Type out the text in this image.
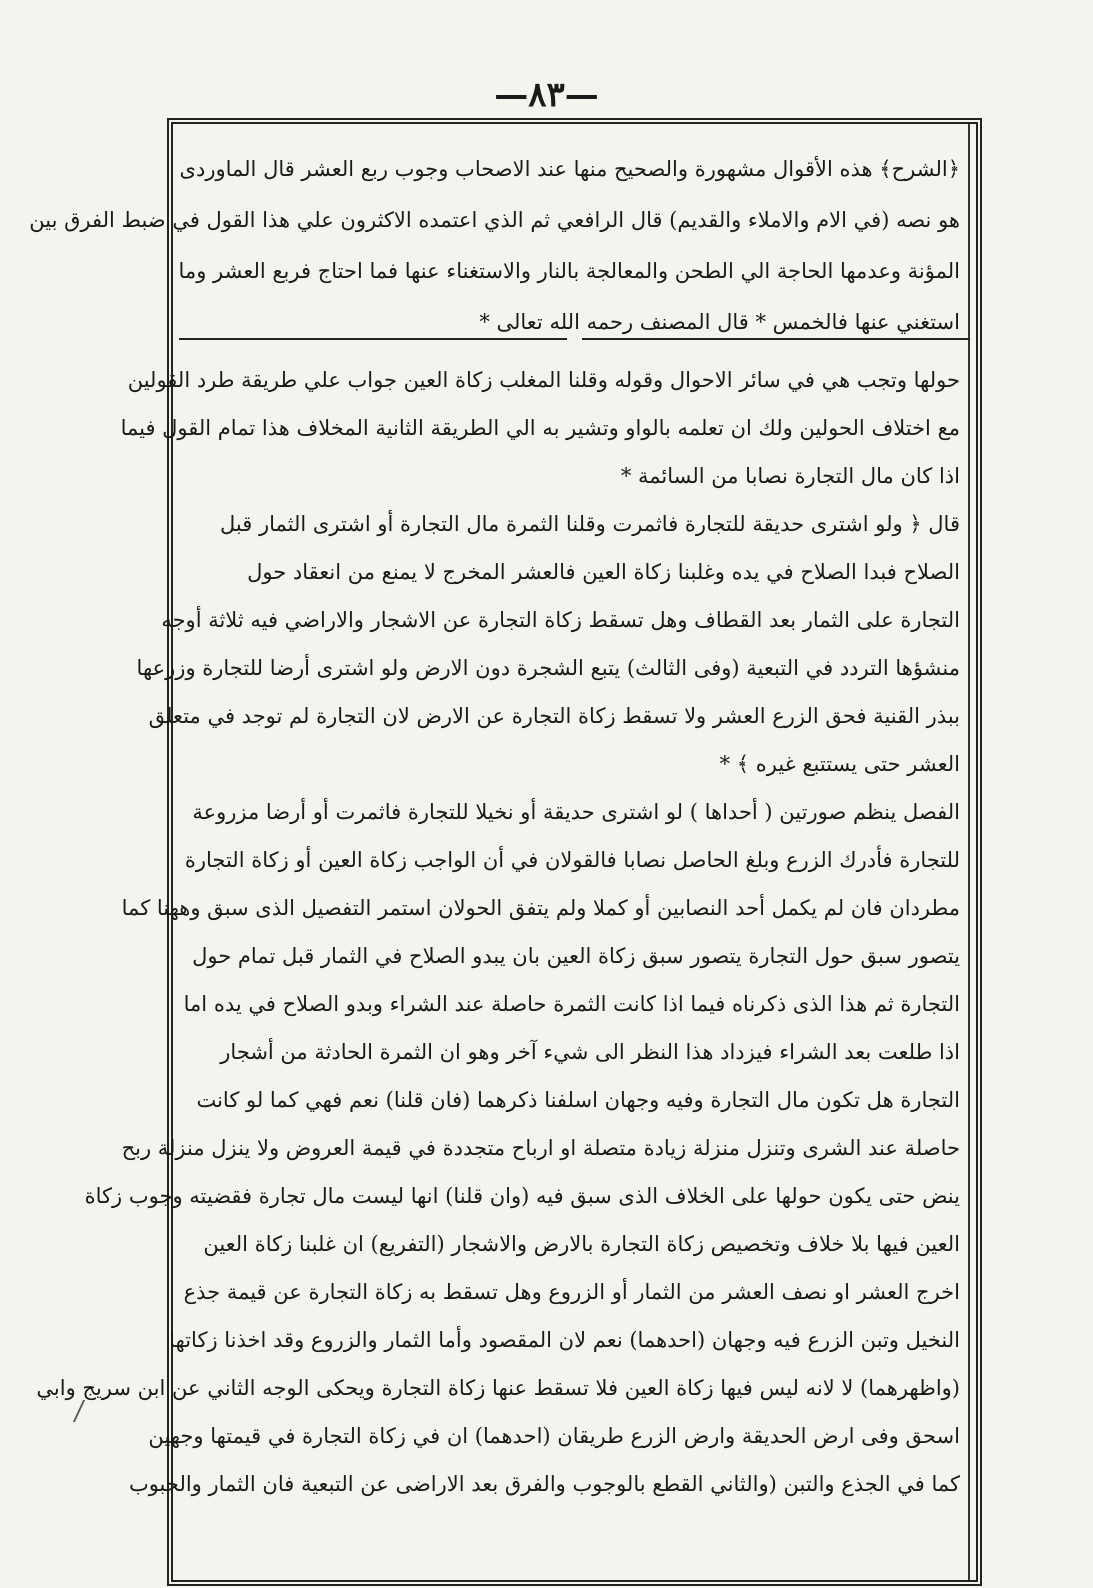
—٨٣—
﴿الشرح﴾ هذه الأقوال مشهورة والصحيح منها عند الاصحاب وجوب ربع العشر قال الماوردى
هو نصه (في الام والاملاء والقديم) قال الرافعي ثم الذي اعتمده الاكثرون علي هذا القول في ضبط الفرق بين
المؤنة وعدمها الحاجة الي الطحن والمعالجة بالنار والاستغناء عنها فما احتاج فربع العشر وما
استغني عنها فالخمس * قال المصنف رحمه الله تعالى *
حولها وتجب هي في سائر الاحوال وقوله وقلنا المغلب زكاة العين جواب علي طريقة طرد القولين
مع اختلاف الحولين ولك ان تعلمه بالواو وتشير به الي الطريقة الثانية المخلاف هذا تمام القول فيما
اذا كان مال التجارة نصابا من السائمة *
قال ﴿ ولو اشترى حديقة للتجارة فاثمرت وقلنا الثمرة مال التجارة أو اشترى الثمار قبل
الصلاح فبدا الصلاح في يده وغلبنا زكاة العين فالعشر المخرج لا يمنع من انعقاد حول
التجارة على الثمار بعد القطاف وهل تسقط زكاة التجارة عن الاشجار والاراضي فيه ثلاثة أوجه
منشؤها التردد في التبعية (وفى الثالث) يتبع الشجرة دون الارض ولو اشترى أرضا للتجارة وزرعها
ببذر القنية فحق الزرع العشر ولا تسقط زكاة التجارة عن الارض لان التجارة لم توجد في متعلق
العشر حتى يستتبع غيره ﴾ *
الفصل ينظم صورتين ( أحداها ) لو اشترى حديقة أو نخيلا للتجارة فاثمرت أو أرضا مزروعة
للتجارة فأدرك الزرع وبلغ الحاصل نصابا فالقولان في أن الواجب زكاة العين أو زكاة التجارة
مطردان فان لم يكمل أحد النصابين أو كملا ولم يتفق الحولان استمر التفصيل الذى سبق وههنا كما
يتصور سبق حول التجارة يتصور سبق زكاة العين بان يبدو الصلاح في الثمار قبل تمام حول
التجارة ثم هذا الذى ذكرناه فيما اذا كانت الثمرة حاصلة عند الشراء وبدو الصلاح في يده اما
اذا طلعت بعد الشراء فيزداد هذا النظر الى شيء آخر وهو ان الثمرة الحادثة من أشجار
التجارة هل تكون مال التجارة وفيه وجهان اسلفنا ذكرهما (فان قلنا) نعم فهي كما لو كانت
حاصلة عند الشرى وتنزل منزلة زيادة متصلة او ارباح متجددة في قيمة العروض ولا ينزل منزلة ربح
ينض حتى يكون حولها على الخلاف الذى سبق فيه (وان قلنا) انها ليست مال تجارة فقضيته وجوب زكاة
العين فيها بلا خلاف وتخصيص زكاة التجارة بالارض والاشجار (التفريع) ان غلبنا زكاة العين
اخرج العشر او نصف العشر من الثمار أو الزروع وهل تسقط به زكاة التجارة عن قيمة جذع
النخيل وتبن الزرع فيه وجهان (احدهما) نعم لان المقصود وأما الثمار والزروع وقد اخذنا زكاتها
(واظهرهما) لا لانه ليس فيها زكاة العين فلا تسقط عنها زكاة التجارة ويحكى الوجه الثاني عن ابن سريج وابي
اسحق وفى ارض الحديقة وارض الزرع طريقان (احدهما) ان في زكاة التجارة في قيمتها وجهين
كما في الجذع والتبن (والثاني القطع بالوجوب والفرق بعد الاراضى عن التبعية فان الثمار والحبوب
